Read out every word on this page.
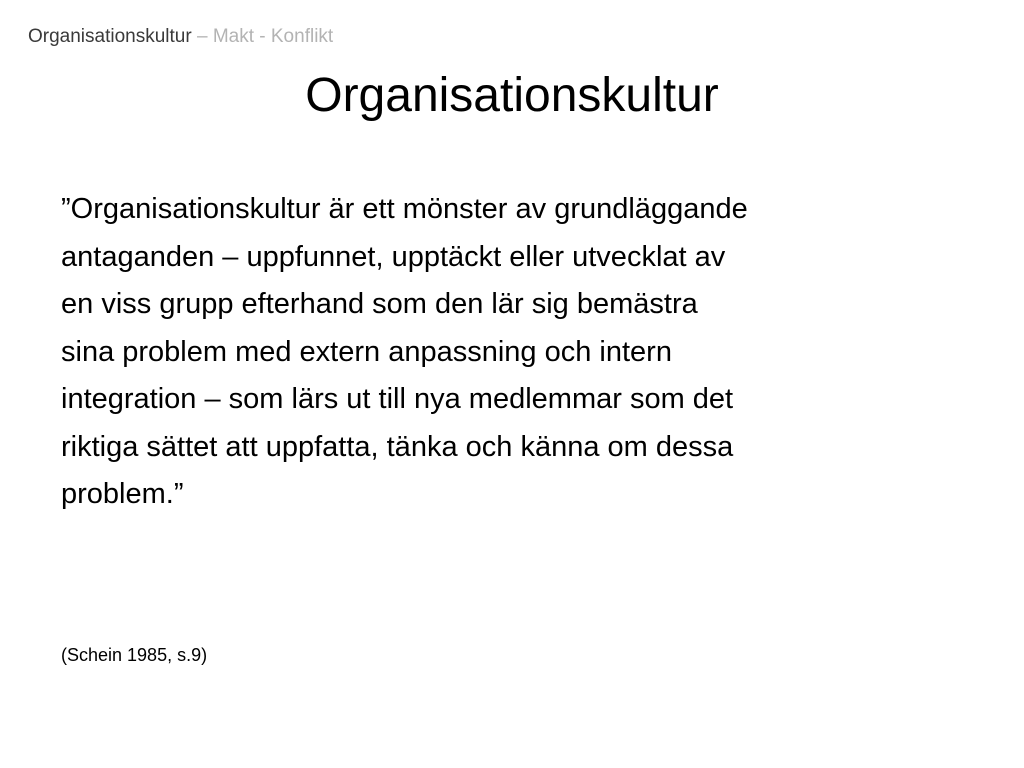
Organisationskultur – Makt - Konflikt
Organisationskultur

”Organisationskultur är ett mönster av grundläggande
antaganden – uppfunnet, upptäckt eller utvecklat av
en viss grupp efterhand som den lär sig bemästra
sina problem med extern anpassning och intern
integration – som lärs ut till nya medlemmar som det
riktiga sättet att uppfatta, tänka och känna om dessa
problem.”

(Schein 1985, s.9)
